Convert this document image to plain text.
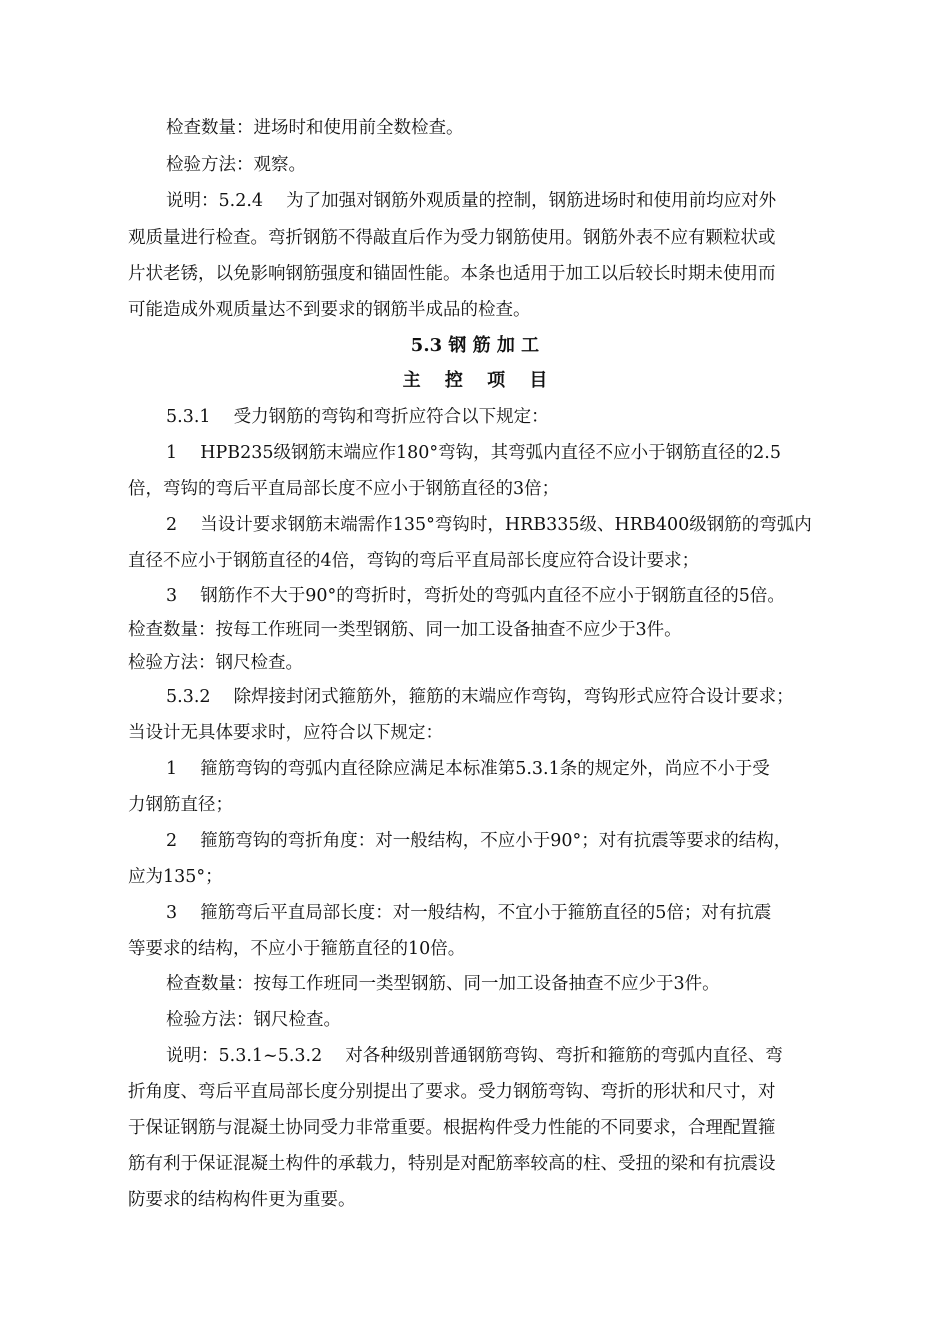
检查数量：进场时和使用前全数检查。
检验方法：观察。
说明：5.2.4　 为了加强对钢筋外观质量的控制，钢筋进场时和使用前均应对外
观质量进行检查。弯折钢筋不得敲直后作为受力钢筋使用。钢筋外表不应有颗粒状或
片状老锈，以免影响钢筋强度和锚固性能。本条也适用于加工以后较长时期未使用而
可能造成外观质量达不到要求的钢筋半成品的检查。
5.3 钢 筋 加 工
主　 控　 项　 目
5.3.1　 受力钢筋的弯钩和弯折应符合以下规定：
1　 HPB235级钢筋末端应作180°弯钩，其弯弧内直径不应小于钢筋直径的2.5
倍，弯钩的弯后平直局部长度不应小于钢筋直径的3倍；
2　 当设计要求钢筋末端需作135°弯钩时，HRB335级、HRB400级钢筋的弯弧内
直径不应小于钢筋直径的4倍，弯钩的弯后平直局部长度应符合设计要求；
3　 钢筋作不大于90°的弯折时，弯折处的弯弧内直径不应小于钢筋直径的5倍。
检查数量：按每工作班同一类型钢筋、同一加工设备抽查不应少于3件。
检验方法：钢尺检查。
5.3.2　 除焊接封闭式箍筋外，箍筋的末端应作弯钩，弯钩形式应符合设计要求；
当设计无具体要求时，应符合以下规定：
1　 箍筋弯钩的弯弧内直径除应满足本标准第5.3.1条的规定外，尚应不小于受
力钢筋直径；
2　 箍筋弯钩的弯折角度：对一般结构，不应小于90°；对有抗震等要求的结构，
应为135°；
3　 箍筋弯后平直局部长度：对一般结构，不宜小于箍筋直径的5倍；对有抗震
等要求的结构，不应小于箍筋直径的10倍。
检查数量：按每工作班同一类型钢筋、同一加工设备抽查不应少于3件。
检验方法：钢尺检查。
说明：5.3.1~5.3.2　 对各种级别普通钢筋弯钩、弯折和箍筋的弯弧内直径、弯
折角度、弯后平直局部长度分别提出了要求。受力钢筋弯钩、弯折的形状和尺寸，对
于保证钢筋与混凝土协同受力非常重要。根据构件受力性能的不同要求，合理配置箍
筋有利于保证混凝土构件的承载力，特别是对配筋率较高的柱、受扭的梁和有抗震设
防要求的结构构件更为重要。
